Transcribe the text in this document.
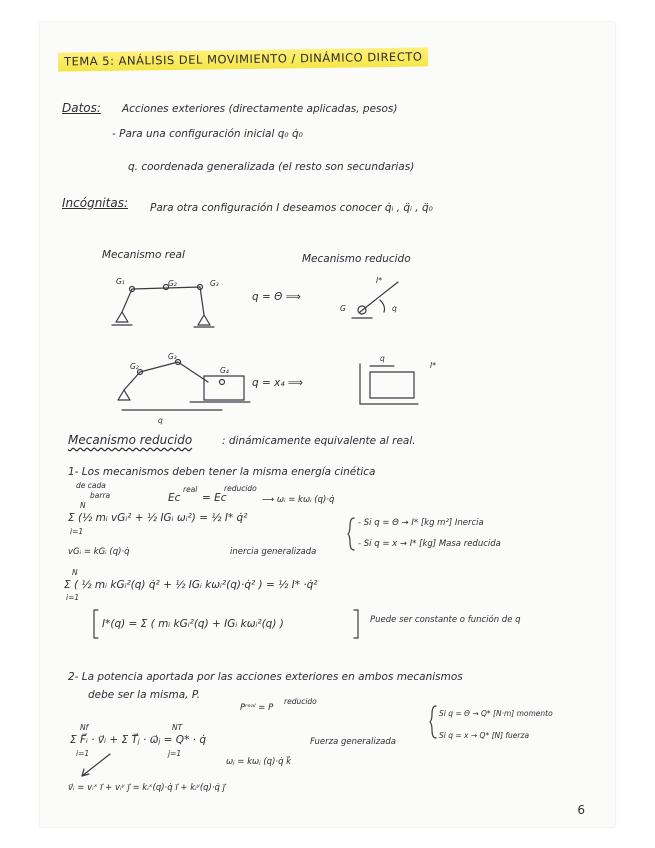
TEMA 5: ANÁLISIS DEL MOVIMIENTO / DINÁMICO DIRECTO
Datos: Acciones exteriores (directamente aplicadas, pesos)
- Para una configuración inicial q₀ q̇₀
q. coordenada generalizada (el resto son secundarias)
Incógnitas: Para otra configuración I deseamos conocer q̇ᵢ , q̈ᵢ , q̈₀
Mecanismo real	Mecanismo reducido
G₁	G₂	G₃
q = Θ ⟹
G
I*
q
G₂
G₃
G₄
q
q = x₄ ⟹
q
I*
Mecanismo reducido	: dinámicamente equivalente al real.
1- Los mecanismos deben tener la misma energía cinética
de cada
barra	Ec
real
= Ec
reducido
⟶ ωᵢ = kωᵢ (q)·q̇
N
Σ (½ mᵢ vGᵢ² + ½ IGᵢ ωᵢ²) = ½ I* q̇²
i=1
vGᵢ = kGᵢ (q)·q̇	inercia generalizada
- Si q = Θ → I* [kg m²] Inercia
- Si q = x → I* [kg] Masa reducida
N
Σ ( ½ mᵢ kGᵢ²(q) q̇² + ½ IGᵢ kωᵢ²(q)·q̇² ) = ½ I* ·q̇²
i=1
I*(q) = Σ ( mᵢ kGᵢ²(q) + IGᵢ kωᵢ²(q) )	Puede ser constante o función de q
2- La potencia aportada por las acciones exteriores en ambos mecanismos
debe ser la misma, P.
Pʳᵉᵃˡ = P
reducido
Nf	NT
Σ F⃗ᵢ · v⃗ᵢ + Σ T⃗ⱼ · ω⃗ⱼ = Q* · q̇
i=1	j=1
Fuerza generalizada
ωⱼ = kωⱼ (q)·q̇ k⃗
Si q = Θ → Q* [N·m] momento
Si q = x → Q* [N] fuerza
v⃗ᵢ = vᵢˣ i⃗ + vᵢʸ j⃗ = kᵢˣ(q)·q̇ i⃗ + kᵢʸ(q)·q̇ j⃗
6
